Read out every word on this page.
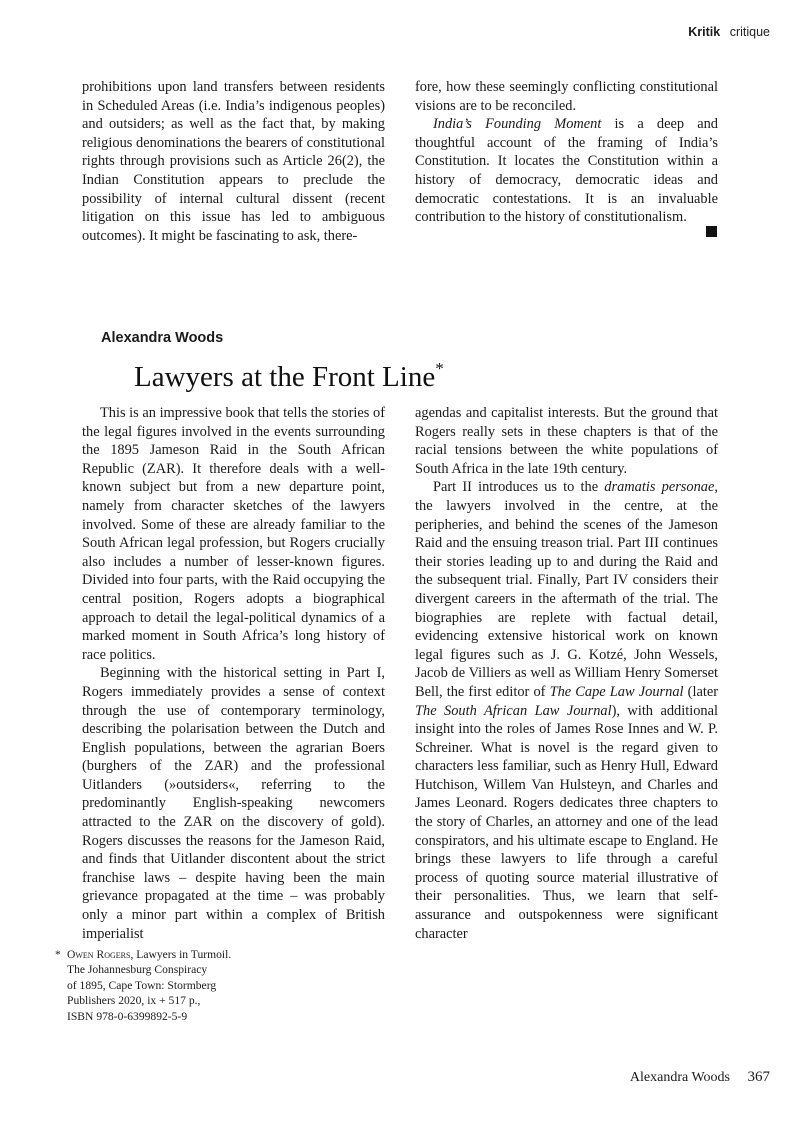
Kritik critique

prohibitions upon land transfers between residents in Scheduled Areas (i.e. India’s indigenous peoples) and outsiders; as well as the fact that, by making religious denominations the bearers of constitutional rights through provisions such as Article 26(2), the Indian Constitution appears to preclude the possibility of internal cultural dissent (recent litigation on this issue has led to ambiguous outcomes). It might be fascinating to ask, there-

fore, how these seemingly conflicting constitutional visions are to be reconciled.

India’s Founding Moment is a deep and thoughtful account of the framing of India’s Constitution. It locates the Constitution within a history of democracy, democratic ideas and democratic contestations. It is an invaluable contribution to the history of constitutionalism.

Alexandra Woods
Lawyers at the Front Line*

This is an impressive book that tells the stories of the legal figures involved in the events surrounding the 1895 Jameson Raid in the South African Republic (ZAR). It therefore deals with a well-known subject but from a new departure point, namely from character sketches of the lawyers involved. Some of these are already familiar to the South African legal profession, but Rogers crucially also includes a number of lesser-known figures. Divided into four parts, with the Raid occupying the central position, Rogers adopts a biographical approach to detail the legal-political dynamics of a marked moment in South Africa’s long history of race politics.

Beginning with the historical setting in Part I, Rogers immediately provides a sense of context through the use of contemporary terminology, describing the polarisation between the Dutch and English populations, between the agrarian Boers (burghers of the ZAR) and the professional Uitlanders (»outsiders«, referring to the predominantly English-speaking newcomers attracted to the ZAR on the discovery of gold). Rogers discusses the reasons for the Jameson Raid, and finds that Uitlander discontent about the strict franchise laws – despite having been the main grievance propagated at the time – was probably only a minor part within a complex of British imperialist

agendas and capitalist interests. But the ground that Rogers really sets in these chapters is that of the racial tensions between the white populations of South Africa in the late 19th century.

Part II introduces us to the dramatis personae, the lawyers involved in the centre, at the peripheries, and behind the scenes of the Jameson Raid and the ensuing treason trial. Part III continues their stories leading up to and during the Raid and the subsequent trial. Finally, Part IV considers their divergent careers in the aftermath of the trial. The biographies are replete with factual detail, evidencing extensive historical work on known legal figures such as J. G. Kotzé, John Wessels, Jacob de Villiers as well as William Henry Somerset Bell, the first editor of The Cape Law Journal (later The South African Law Journal), with additional insight into the roles of James Rose Innes and W. P. Schreiner. What is novel is the regard given to characters less familiar, such as Henry Hull, Edward Hutchison, Willem Van Hulsteyn, and Charles and James Leonard. Rogers dedicates three chapters to the story of Charles, an attorney and one of the lead conspirators, and his ultimate escape to England. He brings these lawyers to life through a careful process of quoting source material illustrative of their personalities. Thus, we learn that self-assurance and outspokenness were significant character

* Owen Rogers, Lawyers in Turmoil.
The Johannesburg Conspiracy
of 1895, Cape Town: Stormberg
Publishers 2020, ix + 517 p.,
ISBN 978-0-6399892-5-9
Alexandra Woods 367
